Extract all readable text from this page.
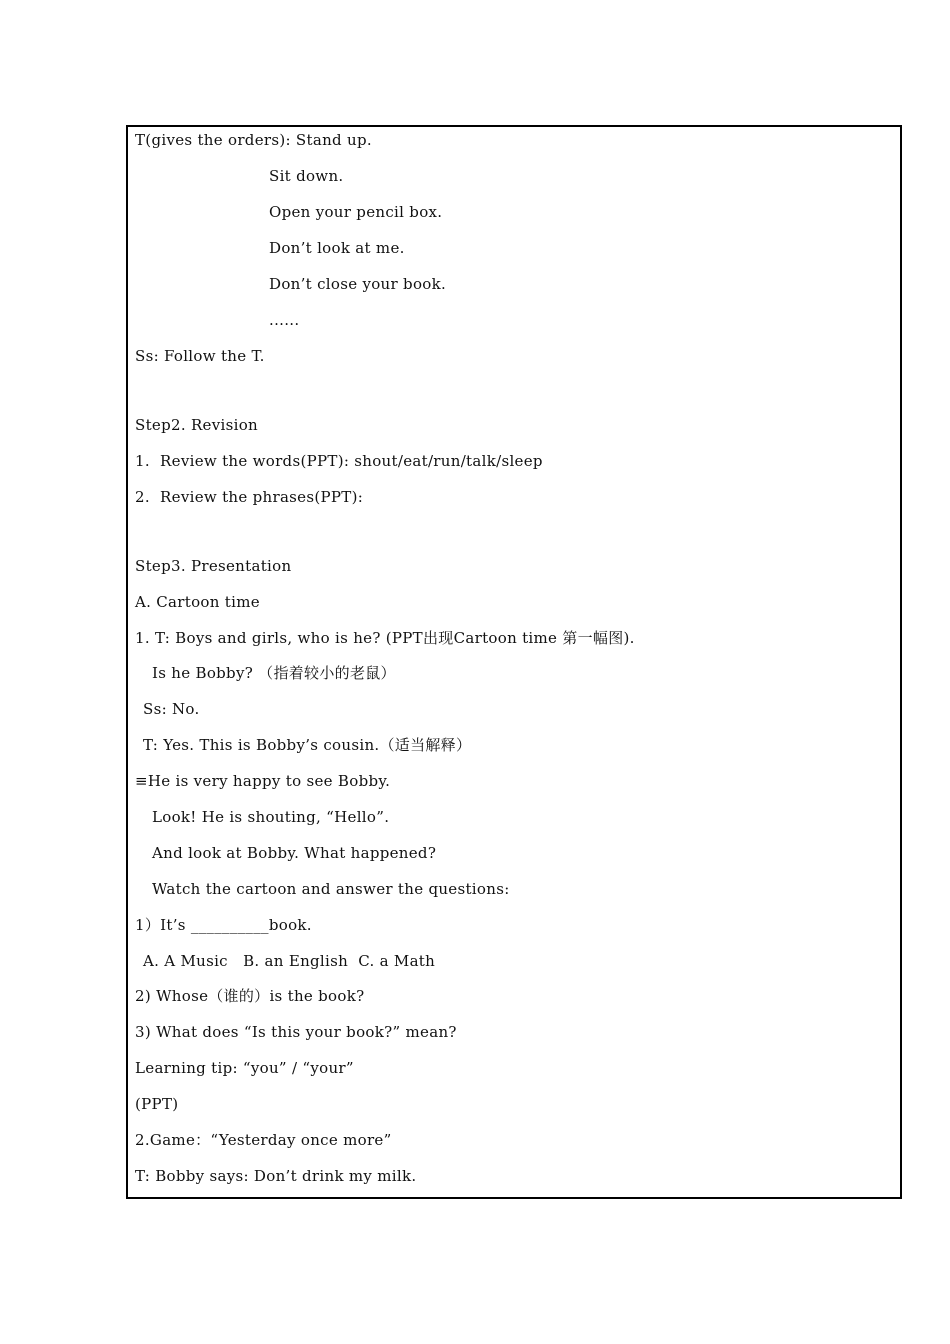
T(gives the orders): Stand up.
Sit down.
Open your pencil box.
Don’t look at me.
Don’t close your book.
......
Ss: Follow the T.
Step2. Revision
1.  Review the words(PPT): shout/eat/run/talk/sleep
2.  Review the phrases(PPT):
Step3. Presentation
A. Cartoon time
1. T: Boys and girls, who is he? (PPT出现Cartoon time 第一幅图).
Is he Bobby? （指着较小的老鼠）
Ss: No.
T: Yes. This is Bobby’s cousin.（适当解释）
≡He is very happy to see Bobby.
Look! He is shouting, “Hello”.
And look at Bobby. What happened?
Watch the cartoon and answer the questions:
1）It’s __________book.
A. A Music   B. an English  C. a Math
2) Whose（谁的）is the book?
3) What does “Is this your book?” mean?
Learning tip: “you” / “your”
(PPT)
2.Game：“Yesterday once more”
T: Bobby says: Don’t drink my milk.
